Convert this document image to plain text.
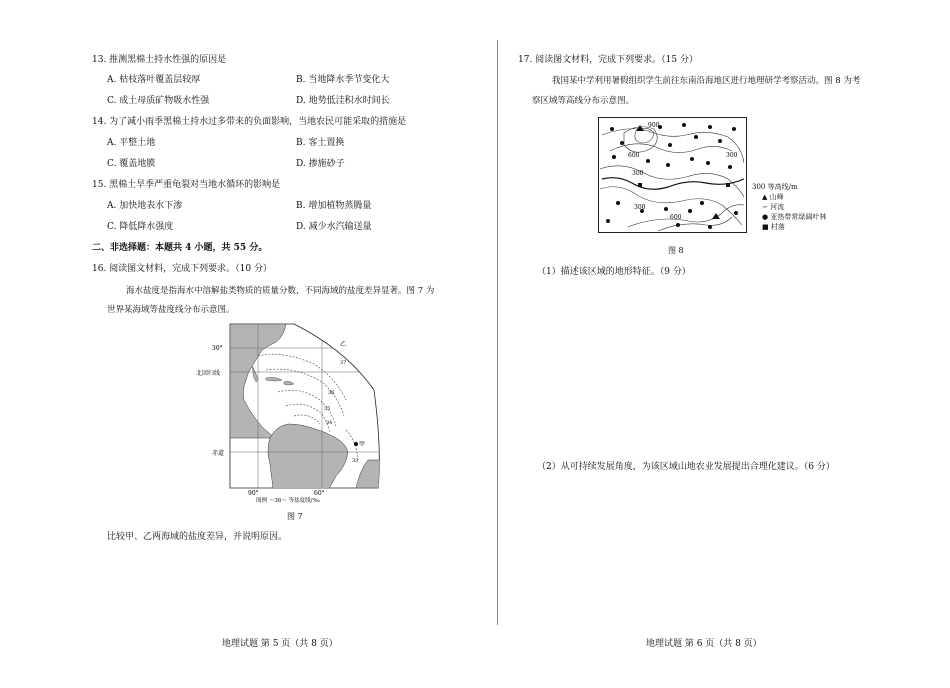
13. 推测黑棉土持水性强的原因是
A. 枯枝落叶覆盖层较厚	B. 当地降水季节变化大
C. 成土母质矿物吸水性强	D. 地势低洼积水时间长
14. 为了减小雨季黑棉土持水过多带来的负面影响，当地农民可能采取的措施是
A. 平整土地	B. 客土置换
C. 覆盖地膜	D. 掺施砂子
15. 黑棉土旱季严重龟裂对当地水循环的影响是
A. 加快地表水下渗	B. 增加植物蒸腾量
C. 降低降水强度	D. 减少水汽输送量
二、非选择题：本题共 4 小题，共 55 分。
16. 阅读图文材料，完成下列要求。（10 分）
海水盐度是指海水中溶解盐类物质的质量分数，不同海域的盐度差异显著。图 7 为
世界某海域等盐度线分布示意图。
30°
北回归线
赤道
90°	60°
乙
甲
37
36
35
34
33
图例 ～36～ 等盐度线/‰
图 7
比较甲、乙两海域的盐度差异，并说明原因。
地理试题 第 5 页（共 8 页）
17. 阅读图文材料，完成下列要求。（15 分）
我国某中学利用暑假组织学生前往东南沿海地区进行地理研学考察活动。图 8 为考
察区域等高线分布示意图。
900
600
300
300
300
600
300 等高线/m
▲ 山峰
∽ 河流
● 亚热带常绿阔叶林
■ 村落
图 8
（1）描述该区域的地形特征。（9 分）
（2）从可持续发展角度，为该区域山地农业发展提出合理化建议。（6 分）
地理试题 第 6 页（共 8 页）
